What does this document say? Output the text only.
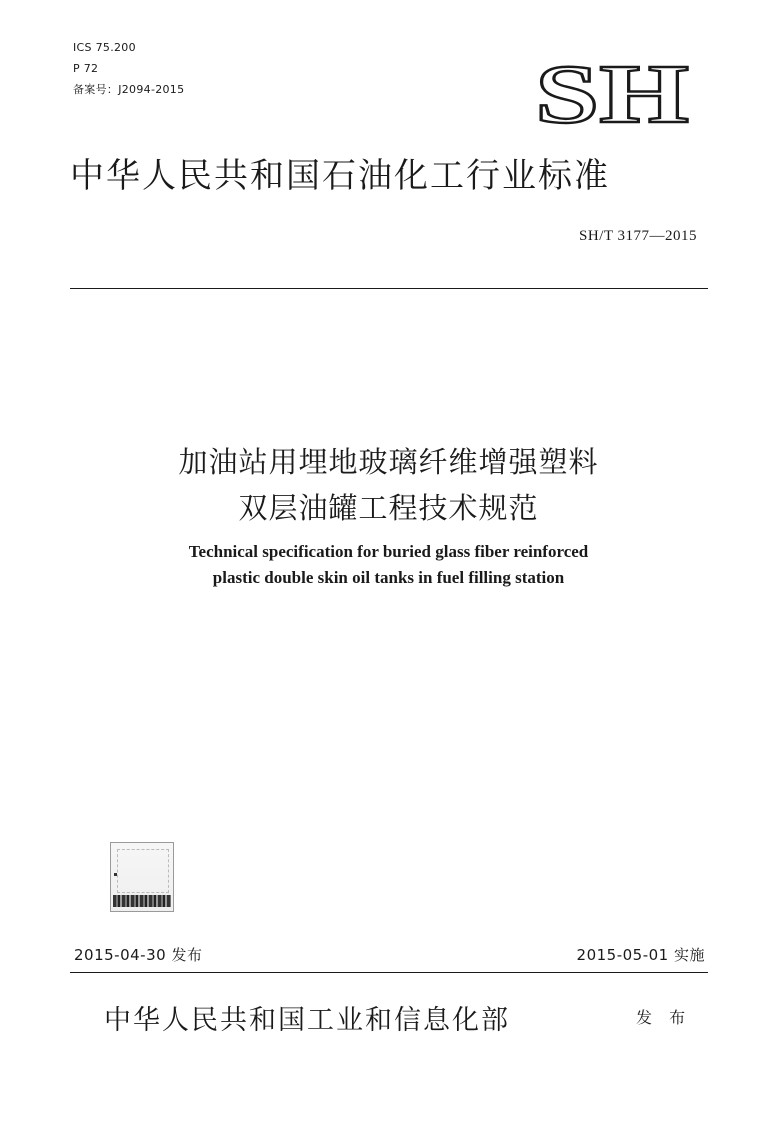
ICS 75.200
P 72
备案号：J2094-2015	SH
中华人民共和国石油化工行业标准
SH/T 3177—2015
加油站用埋地玻璃纤维增强塑料
双层油罐工程技术规范
Technical specification for buried glass fiber reinforced
plastic double skin oil tanks in fuel filling station
2015-04-30 发布	2015-05-01 实施
中华人民共和国工业和信息化部	发 布
